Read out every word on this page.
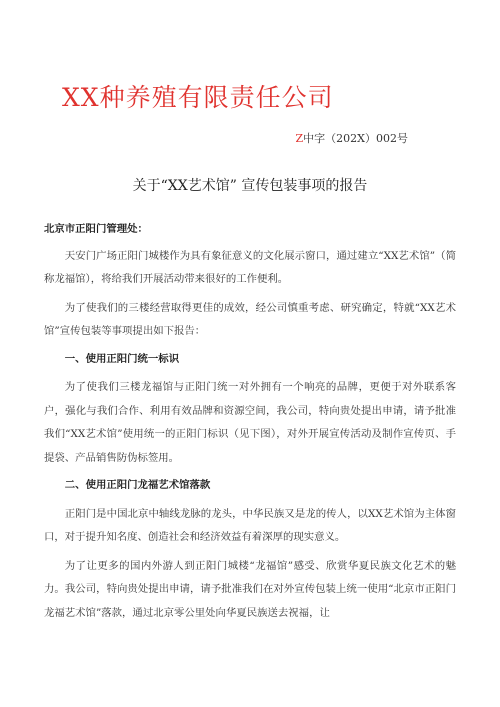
XX种养殖有限责任公司
Z中字（202X）002号
关于“XX艺术馆” 宣传包装事项的报告

北京市正阳门管理处：

天安门广场正阳门城楼作为具有象征意义的文化展示窗口，通过建立“XX艺术馆”（简称龙福馆），将给我们开展活动带来很好的工作便利。

为了使我们的三楼经营取得更佳的成效，经公司慎重考虑、研究确定，特就“XX艺术馆”宣传包装等事项提出如下报告：

一、使用正阳门统一标识

为了使我们三楼龙福馆与正阳门统一对外拥有一个响亮的品牌，更便于对外联系客户，强化与我们合作、利用有效品牌和资源空间，我公司，特向贵处提出申请，请予批准我们“XX艺术馆”使用统一的正阳门标识（见下图），对外开展宣传活动及制作宣传页、手提袋、产品销售防伪标签用。

二、使用正阳门龙福艺术馆落款

正阳门是中国北京中轴线龙脉的龙头，中华民族又是龙的传人，以XX艺术馆为主体窗口，对于提升知名度、创造社会和经济效益有着深厚的现实意义。

为了让更多的国内外游人到正阳门城楼“龙福馆”感受、欣赏华夏民族文化艺术的魅力。我公司，特向贵处提出申请，请予批准我们在对外宣传包装上统一使用“北京市正阳门龙福艺术馆”落款，通过北京零公里处向华夏民族送去祝福，让
